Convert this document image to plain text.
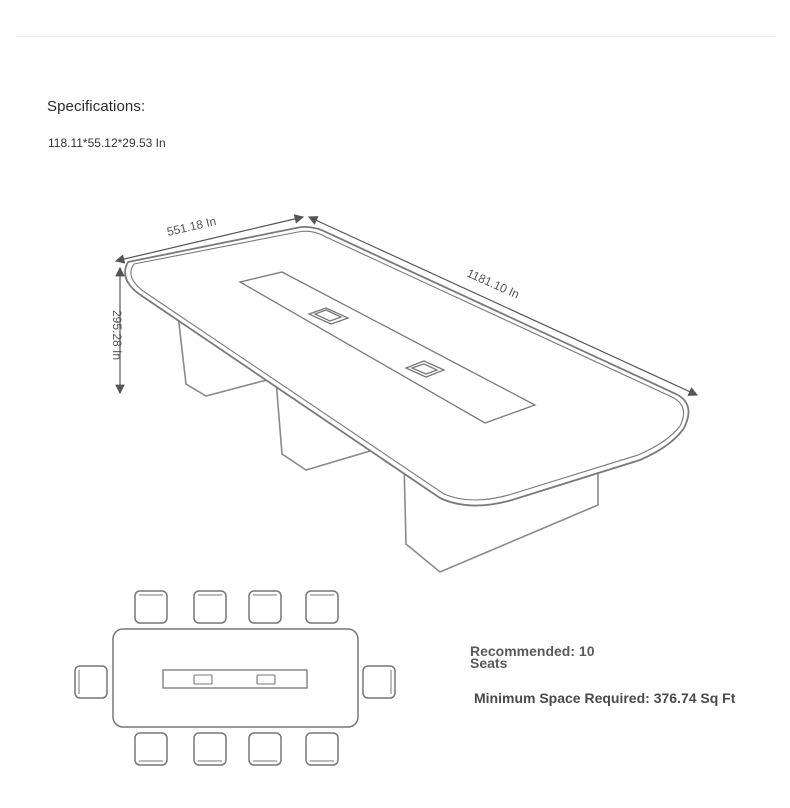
Specifications:
118.11*55.12*29.53 In
551.18 In
1181.10 In
295.28 In
Recommended: 10 Seats
Minimum Space Required: 376.74 Sq Ft
